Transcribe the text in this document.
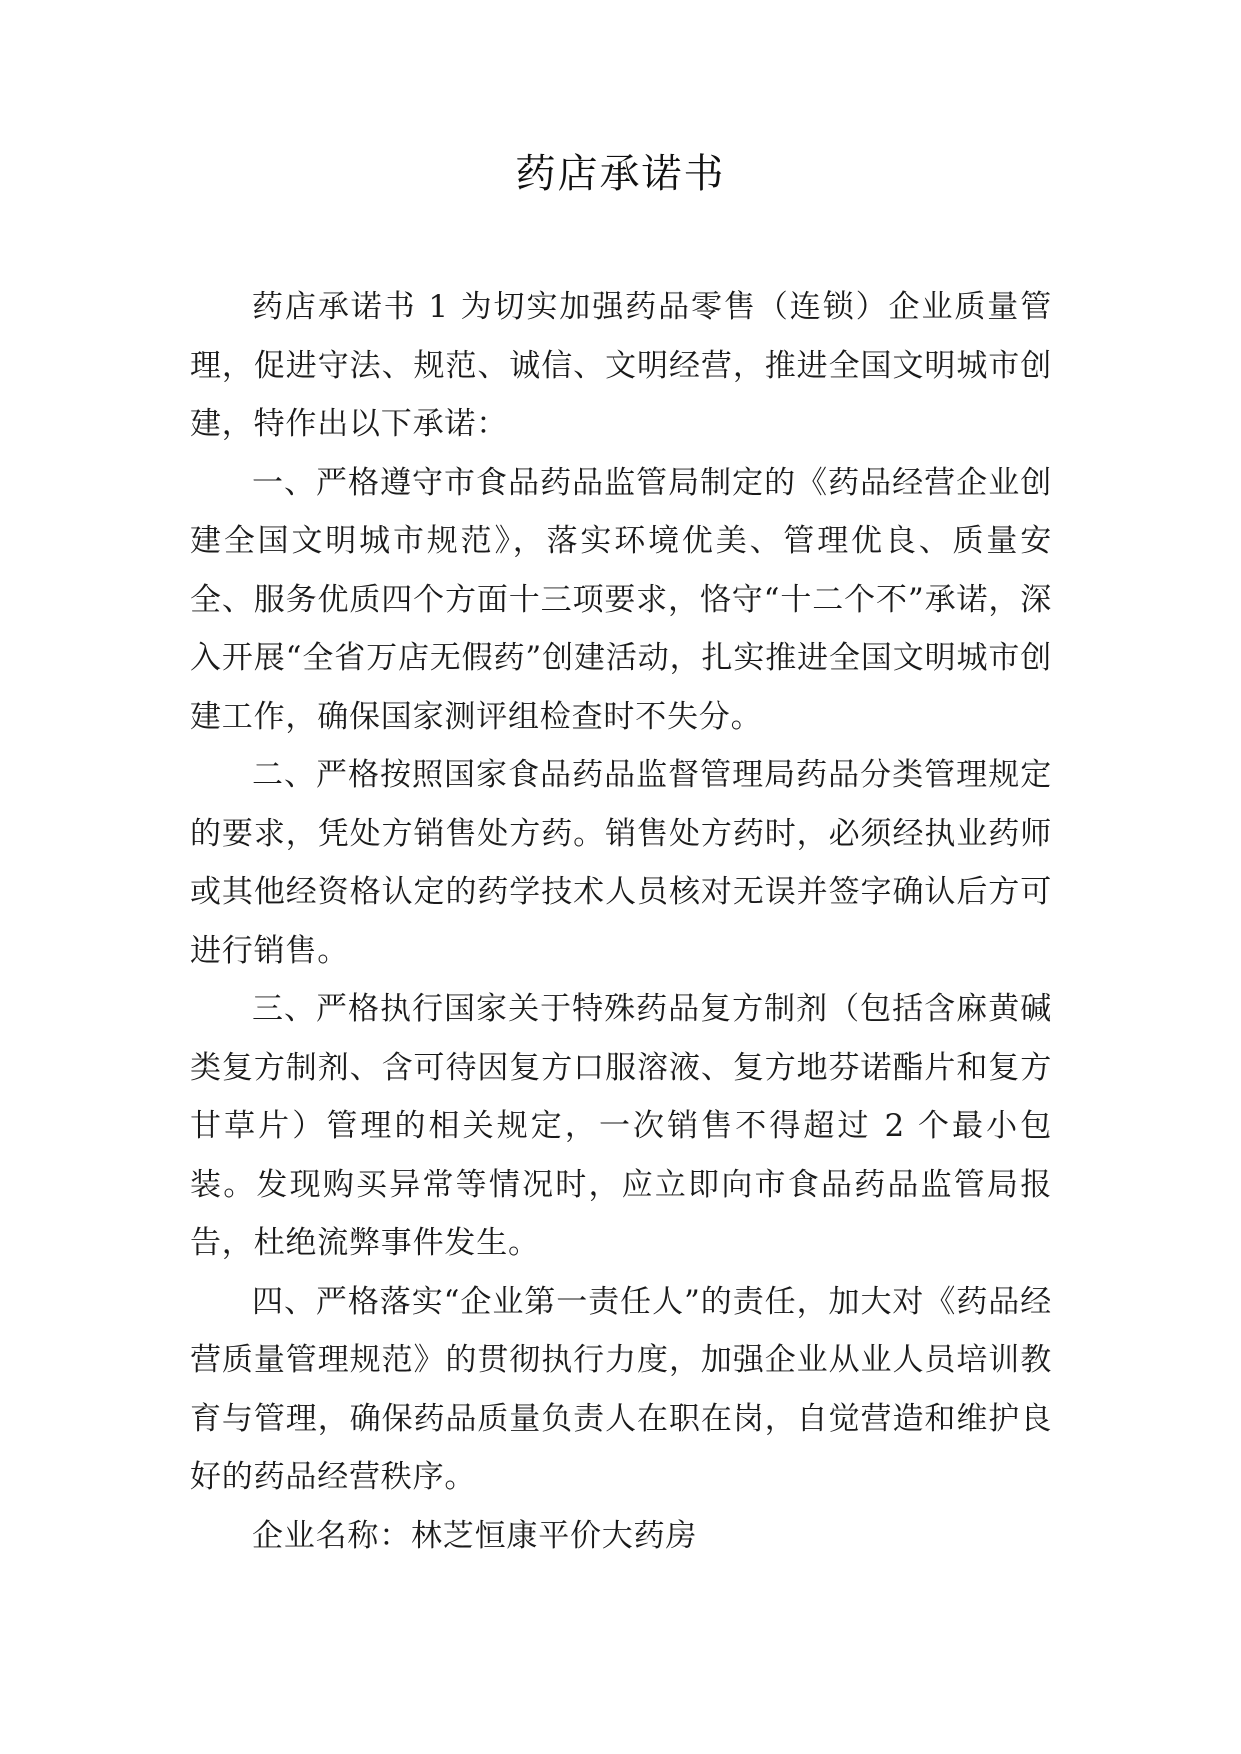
药店承诺书

药店承诺书 1 为切实加强药品零售（连锁）企业质量管理，促进守法、规范、诚信、文明经营，推进全国文明城市创建，特作出以下承诺：

一、严格遵守市食品药品监管局制定的《药品经营企业创建全国文明城市规范》，落实环境优美、管理优良、质量安全、服务优质四个方面十三项要求，恪守“十二个不”承诺，深入开展“全省万店无假药”创建活动，扎实推进全国文明城市创建工作，确保国家测评组检查时不失分。

二、严格按照国家食品药品监督管理局药品分类管理规定的要求，凭处方销售处方药。销售处方药时，必须经执业药师或其他经资格认定的药学技术人员核对无误并签字确认后方可进行销售。

三、严格执行国家关于特殊药品复方制剂（包括含麻黄碱类复方制剂、含可待因复方口服溶液、复方地芬诺酯片和复方甘草片）管理的相关规定，一次销售不得超过 2 个最小包装。发现购买异常等情况时，应立即向市食品药品监管局报告，杜绝流弊事件发生。

四、严格落实“企业第一责任人”的责任，加大对《药品经营质量管理规范》的贯彻执行力度，加强企业从业人员培训教育与管理，确保药品质量负责人在职在岗，自觉营造和维护良好的药品经营秩序。

企业名称：林芝恒康平价大药房
